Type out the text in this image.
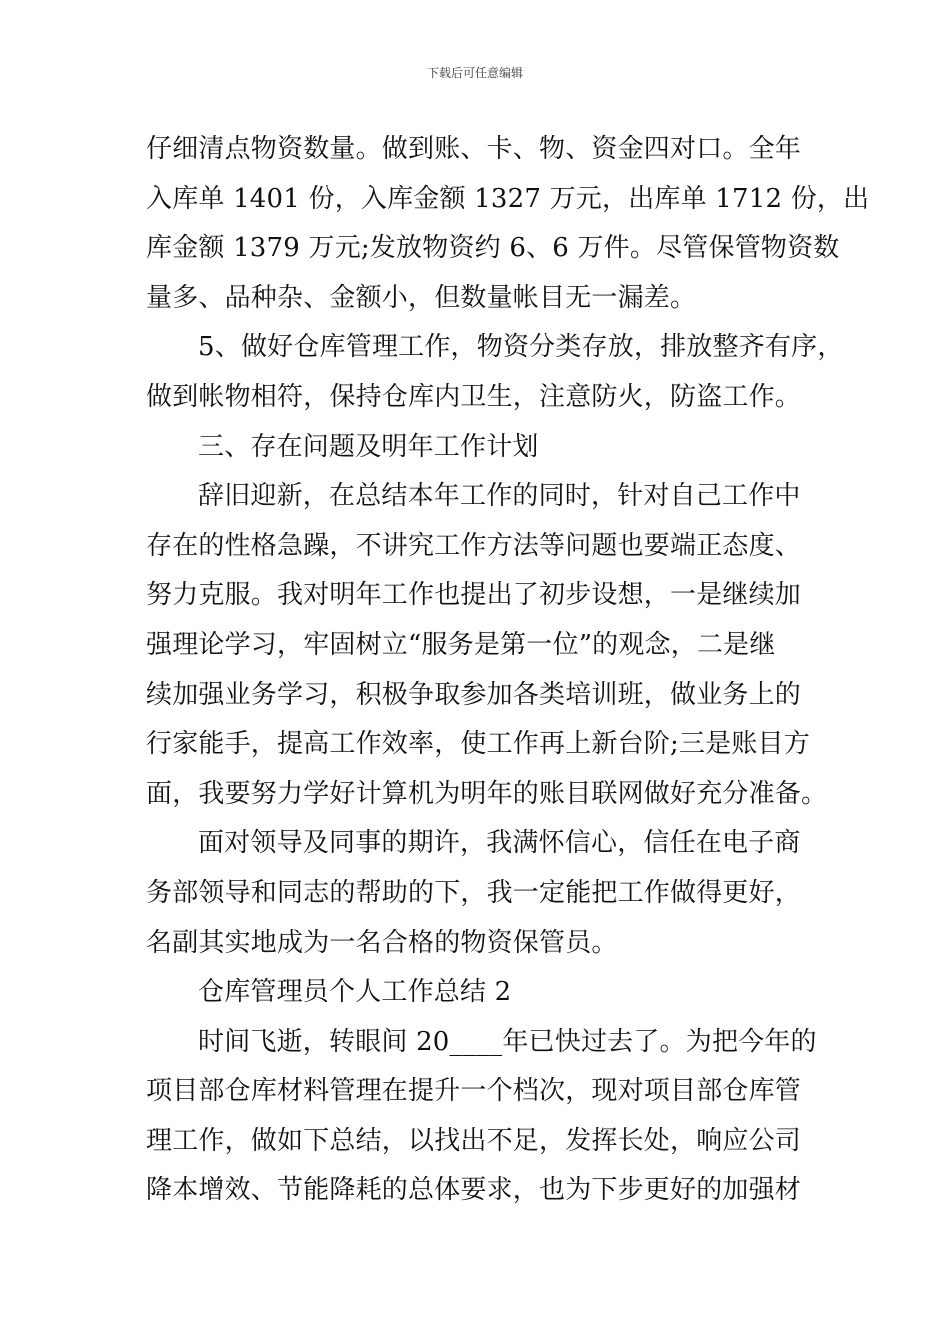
下载后可任意编辑
仔细清点物资数量。做到账、卡、物、资金四对口。全年
入库单 1401 份，入库金额 1327 万元，出库单 1712 份，出
库金额 1379 万元;发放物资约 6、6 万件。尽管保管物资数
量多、品种杂、金额小，但数量帐目无一漏差。
5、做好仓库管理工作，物资分类存放，排放整齐有序，
做到帐物相符，保持仓库内卫生，注意防火，防盗工作。
三、存在问题及明年工作计划
辞旧迎新，在总结本年工作的同时，针对自己工作中
存在的性格急躁，不讲究工作方法等问题也要端正态度、
努力克服。我对明年工作也提出了初步设想，一是继续加
强理论学习，牢固树立“服务是第一位”的观念，二是继
续加强业务学习，积极争取参加各类培训班，做业务上的
行家能手，提高工作效率，使工作再上新台阶;三是账目方
面，我要努力学好计算机为明年的账目联网做好充分准备。
面对领导及同事的期许，我满怀信心，信任在电子商
务部领导和同志的帮助的下，我一定能把工作做得更好，
名副其实地成为一名合格的物资保管员。
仓库管理员个人工作总结 2
时间飞逝，转眼间 20____年已快过去了。为把今年的
项目部仓库材料管理在提升一个档次，现对项目部仓库管
理工作，做如下总结，以找出不足，发挥长处，响应公司
降本增效、节能降耗的总体要求，也为下步更好的加强材
